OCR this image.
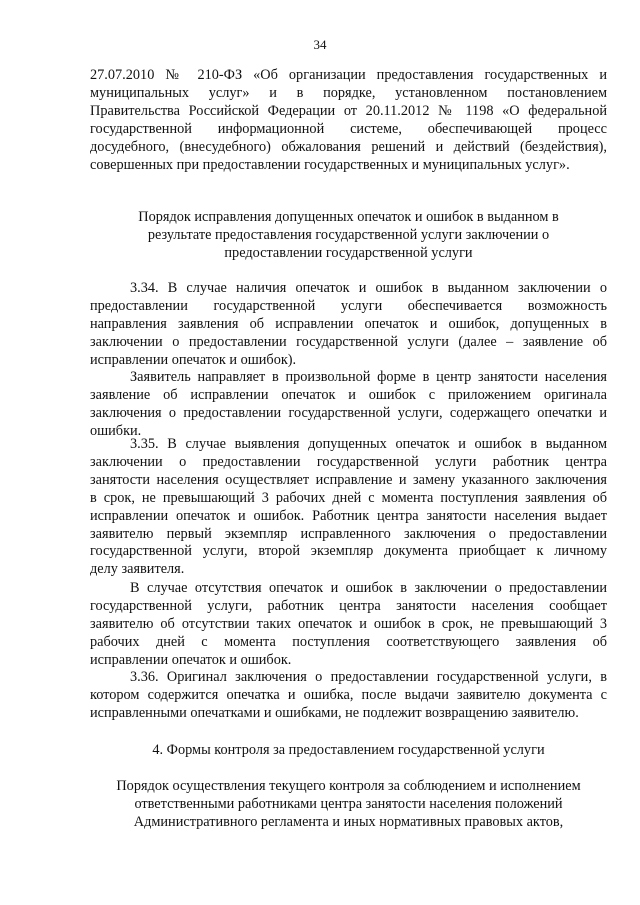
34
27.07.2010 № 210-ФЗ «Об организации предоставления государственных и
муниципальных услуг» и в порядке, установленном постановлением
Правительства Российской Федерации от 20.11.2012 № 1198 «О федеральной
государственной информационной системе, обеспечивающей процесс
досудебного, (внесудебного) обжалования решений и действий (бездействия),
совершенных при предоставлении государственных и муниципальных услуг».
Порядок исправления допущенных опечаток и ошибок в выданном в
результате предоставления государственной услуги заключении о
предоставлении государственной услуги
3.34. В случае наличия опечаток и ошибок в выданном заключении о
предоставлении государственной услуги обеспечивается возможность
направления заявления об исправлении опечаток и ошибок, допущенных в
заключении о предоставлении государственной услуги (далее – заявление об
исправлении опечаток и ошибок).
Заявитель направляет в произвольной форме в центр занятости населения
заявление об исправлении опечаток и ошибок с приложением оригинала
заключения о предоставлении государственной услуги, содержащего опечатки и
ошибки.
3.35. В случае выявления допущенных опечаток и ошибок в выданном
заключении о предоставлении государственной услуги работник центра
занятости населения осуществляет исправление и замену указанного заключения
в срок, не превышающий 3 рабочих дней с момента поступления заявления об
исправлении опечаток и ошибок. Работник центра занятости населения выдает
заявителю первый экземпляр исправленного заключения о предоставлении
государственной услуги, второй экземпляр документа приобщает к личному
делу заявителя.
В случае отсутствия опечаток и ошибок в заключении о предоставлении
государственной услуги, работник центра занятости населения сообщает
заявителю об отсутствии таких опечаток и ошибок в срок, не превышающий 3
рабочих дней с момента поступления соответствующего заявления об
исправлении опечаток и ошибок.
3.36. Оригинал заключения о предоставлении государственной услуги, в
котором содержится опечатка и ошибка, после выдачи заявителю документа с
исправленными опечатками и ошибками, не подлежит возвращению заявителю.
4. Формы контроля за предоставлением государственной услуги
Порядок осуществления текущего контроля за соблюдением и исполнением
ответственными работниками центра занятости населения положений
Административного регламента и иных нормативных правовых актов,
